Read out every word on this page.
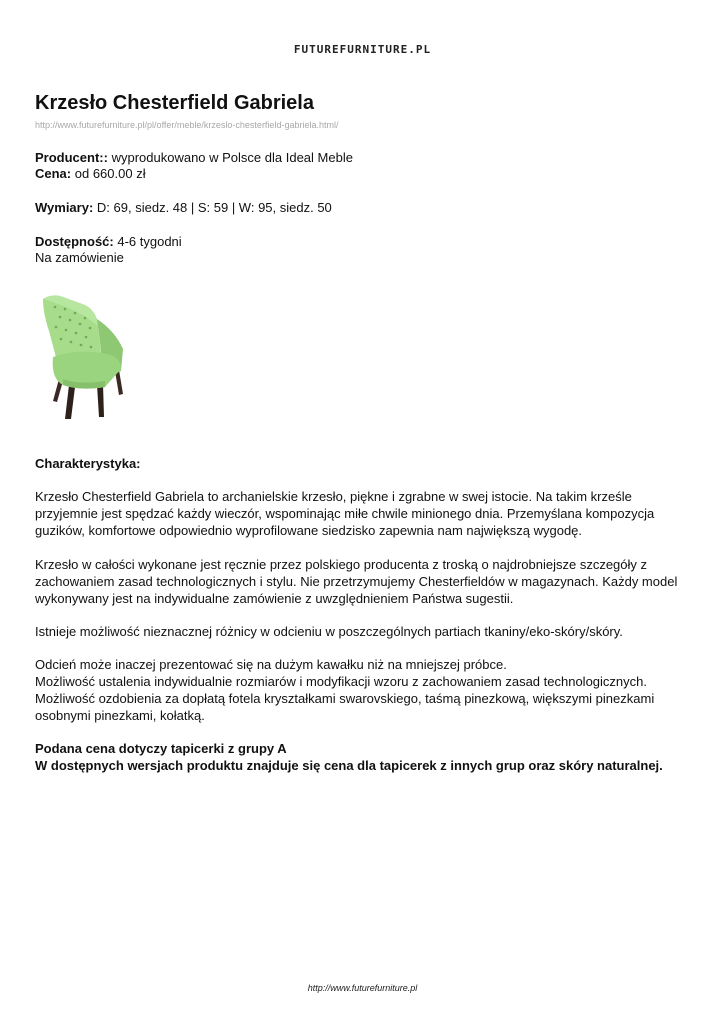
FUTUREFURNITURE.PL
Krzesło Chesterfield Gabriela
http://www.futurefurniture.pl/pl/offer/meble/krzeslo-chesterfield-gabriela.html/
Producent:: wyprodukowano w Polsce dla Ideal Meble
Cena: od 660.00 zł
Wymiary: D: 69, siedz. 48 | S: 59 | W: 95, siedz. 50
Dostępność: 4-6 tygodni
Na zamówienie
Charakterystyka:

Krzesło Chesterfield Gabriela to archanielskie krzesło, piękne i zgrabne w swej istocie. Na takim krześle przyjemnie jest spędzać każdy wieczór, wspominając miłe chwile minionego dnia. Przemyślana kompozycja guzików, komfortowe odpowiednio wyprofilowane siedzisko zapewnia nam największą wygodę.

Krzesło w całości wykonane jest ręcznie przez polskiego producenta z troską o najdrobniejsze szczegóły z zachowaniem zasad technologicznych i stylu. Nie przetrzymujemy Chesterfieldów w magazynach. Każdy model wykonywany jest na indywidualne zamówienie z uwzględnieniem Państwa sugestii.

Istnieje możliwość nieznacznej różnicy w odcieniu w poszczególnych partiach tkaniny/eko-skóry/skóry.

Odcień może inaczej prezentować się na dużym kawałku niż na mniejszej próbce.

Możliwość ustalenia indywidualnie rozmiarów i modyfikacji wzoru z zachowaniem zasad technologicznych.

Możliwość ozdobienia za dopłatą fotela kryształkami swarovskiego, taśmą pinezkową, większymi pinezkami osobnymi pinezkami, kołatką.

Podana cena dotyczy tapicerki z grupy A

W dostępnych wersjach produktu znajduje się cena dla tapicerek z innych grup oraz skóry naturalnej.

http://www.futurefurniture.pl
